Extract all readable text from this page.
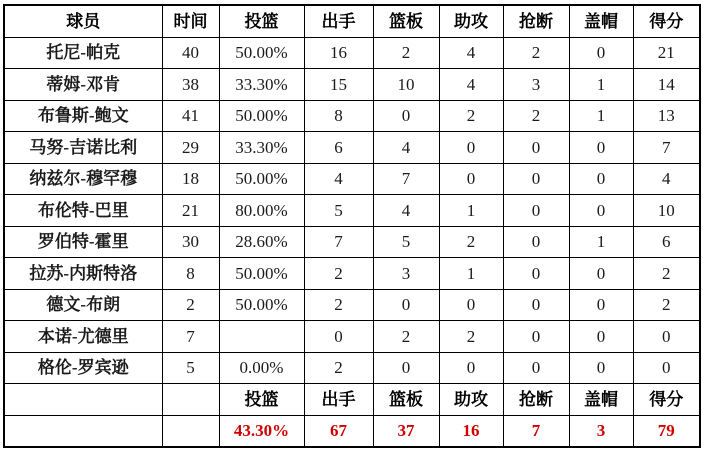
球员	时间	投篮	出手	篮板	助攻	抢断	盖帽	得分
托尼-帕克	40	50.00%	16	2	4	2	0	21
蒂姆-邓肯	38	33.30%	15	10	4	3	1	14
布鲁斯-鲍文	41	50.00%	8	0	2	2	1	13
马努-吉诺比利	29	33.30%	6	4	0	0	0	7
纳兹尔-穆罕穆	18	50.00%	4	7	0	0	0	4
布伦特-巴里	21	80.00%	5	4	1	0	0	10
罗伯特-霍里	30	28.60%	7	5	2	0	1	6
拉苏-内斯特洛	8	50.00%	2	3	1	0	0	2
德文-布朗	2	50.00%	2	0	0	0	0	2
本诺-尤德里	7		0	2	2	0	0	0
格伦-罗宾逊	5	0.00%	2	0	0	0	0	0
		投篮	出手	篮板	助攻	抢断	盖帽	得分
		43.30%	67	37	16	7	3	79
